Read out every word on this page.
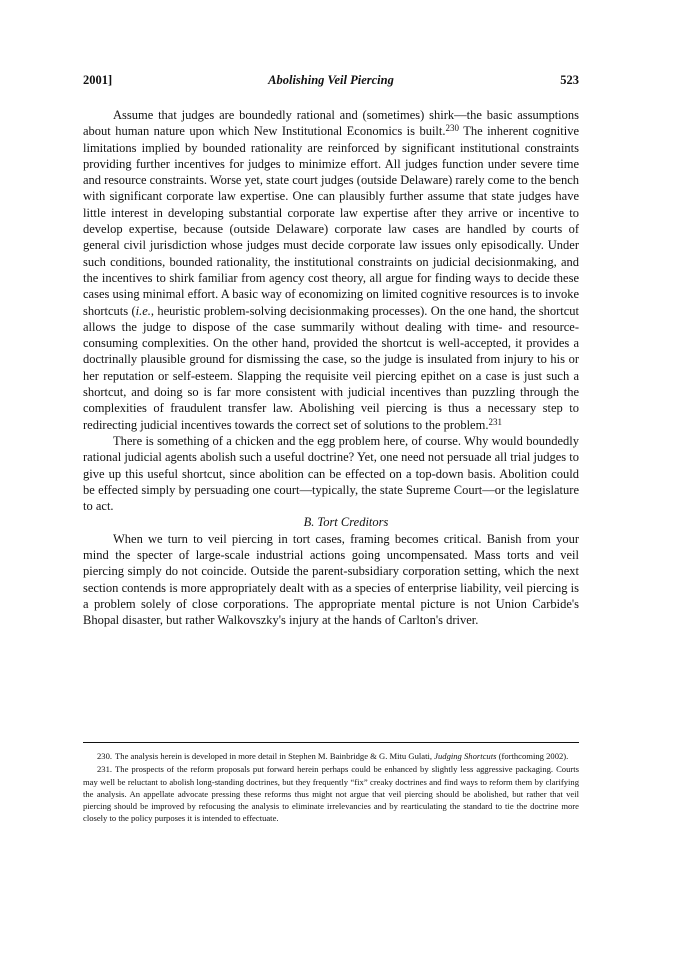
2001]	Abolishing Veil Piercing	523

Assume that judges are boundedly rational and (sometimes) shirk—the basic assumptions about human nature upon which New Institutional Economics is built.$^{230}$ The inherent cognitive limitations implied by bounded rationality are reinforced by significant institutional constraints providing further incentives for judges to minimize effort. All judges function under severe time and resource constraints. Worse yet, state court judges (outside Delaware) rarely come to the bench with significant corporate law expertise. One can plausibly further assume that state judges have little interest in developing substantial corporate law expertise after they arrive or incentive to develop expertise, because (outside Delaware) corporate law cases are handled by courts of general civil jurisdiction whose judges must decide corporate law issues only episodically. Under such conditions, bounded rationality, the institutional constraints on judicial decisionmaking, and the incentives to shirk familiar from agency cost theory, all argue for finding ways to decide these cases using minimal effort. A basic way of economizing on limited cognitive resources is to invoke shortcuts (i.e., heuristic problem-solving decisionmaking processes). On the one hand, the shortcut allows the judge to dispose of the case summarily without dealing with time- and resource-consuming complexities. On the other hand, provided the shortcut is well-accepted, it provides a doctrinally plausible ground for dismissing the case, so the judge is insulated from injury to his or her reputation or self-esteem. Slapping the requisite veil piercing epithet on a case is just such a shortcut, and doing so is far more consistent with judicial incentives than puzzling through the complexities of fraudulent transfer law. Abolishing veil piercing is thus a necessary step to redirecting judicial incentives towards the correct set of solutions to the problem.$^{231}$

There is something of a chicken and the egg problem here, of course. Why would boundedly rational judicial agents abolish such a useful doctrine? Yet, one need not persuade all trial judges to give up this useful shortcut, since abolition can be effected on a top-down basis. Abolition could be effected simply by persuading one court—typically, the state Supreme Court—or the legislature to act.

B. Tort Creditors

When we turn to veil piercing in tort cases, framing becomes critical. Banish from your mind the specter of large-scale industrial actions going uncompensated. Mass torts and veil piercing simply do not coincide. Outside the parent-subsidiary corporation setting, which the next section contends is more appropriately dealt with as a species of enterprise liability, veil piercing is a problem solely of close corporations. The appropriate mental picture is not Union Carbide's Bhopal disaster, but rather Walkovszky's injury at the hands of Carlton's driver.

230. The analysis herein is developed in more detail in Stephen M. Bainbridge & G. Mitu Gulati, Judging Shortcuts (forthcoming 2002).

231. The prospects of the reform proposals put forward herein perhaps could be enhanced by slightly less aggressive packaging. Courts may well be reluctant to abolish long-standing doctrines, but they frequently “fix” creaky doctrines and find ways to reform them by clarifying the analysis. An appellate advocate pressing these reforms thus might not argue that veil piercing should be abolished, but rather that veil piercing should be improved by refocusing the analysis to eliminate irrelevancies and by rearticulating the standard to tie the doctrine more closely to the policy purposes it is intended to effectuate.
